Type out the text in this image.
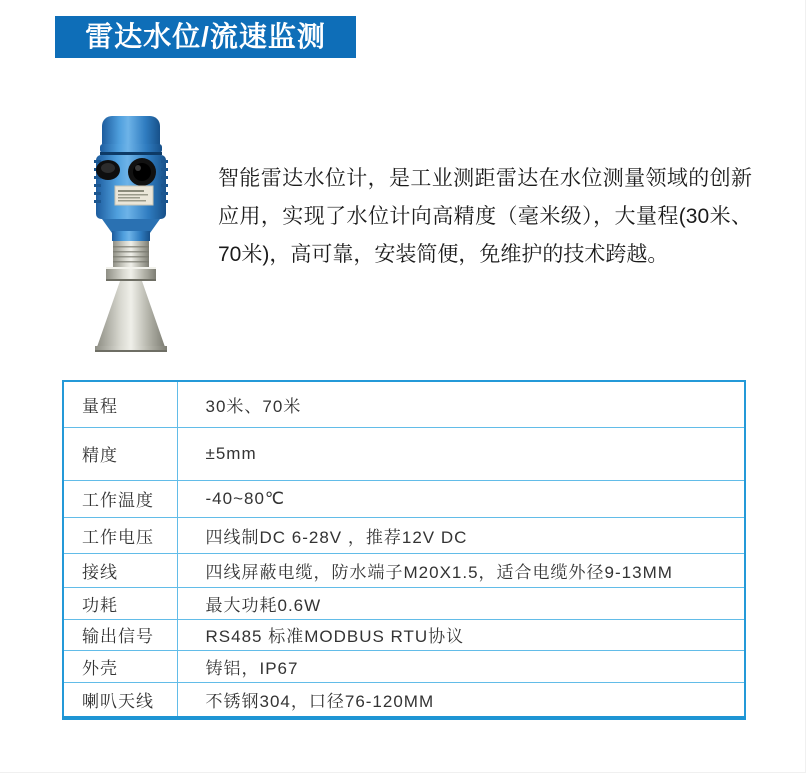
雷达水位/流速监测

智能雷达水位计，是工业测距雷达在水位测量领域的创新应用，实现了水位计向高精度（毫米级），大量程(30米、70米)，高可靠，安装简便，免维护的技术跨越。

量程	30米、70米
精度	±5mm
工作温度	-40~80℃
工作电压	四线制DC 6-28V ，推荐12V DC
接线	四线屏蔽电缆，防水端子M20X1.5，适合电缆外径9-13MM
功耗	最大功耗0.6W
输出信号	RS485 标准MODBUS RTU协议
外壳	铸铝，IP67
喇叭天线	不锈钢304，口径76-120MM
